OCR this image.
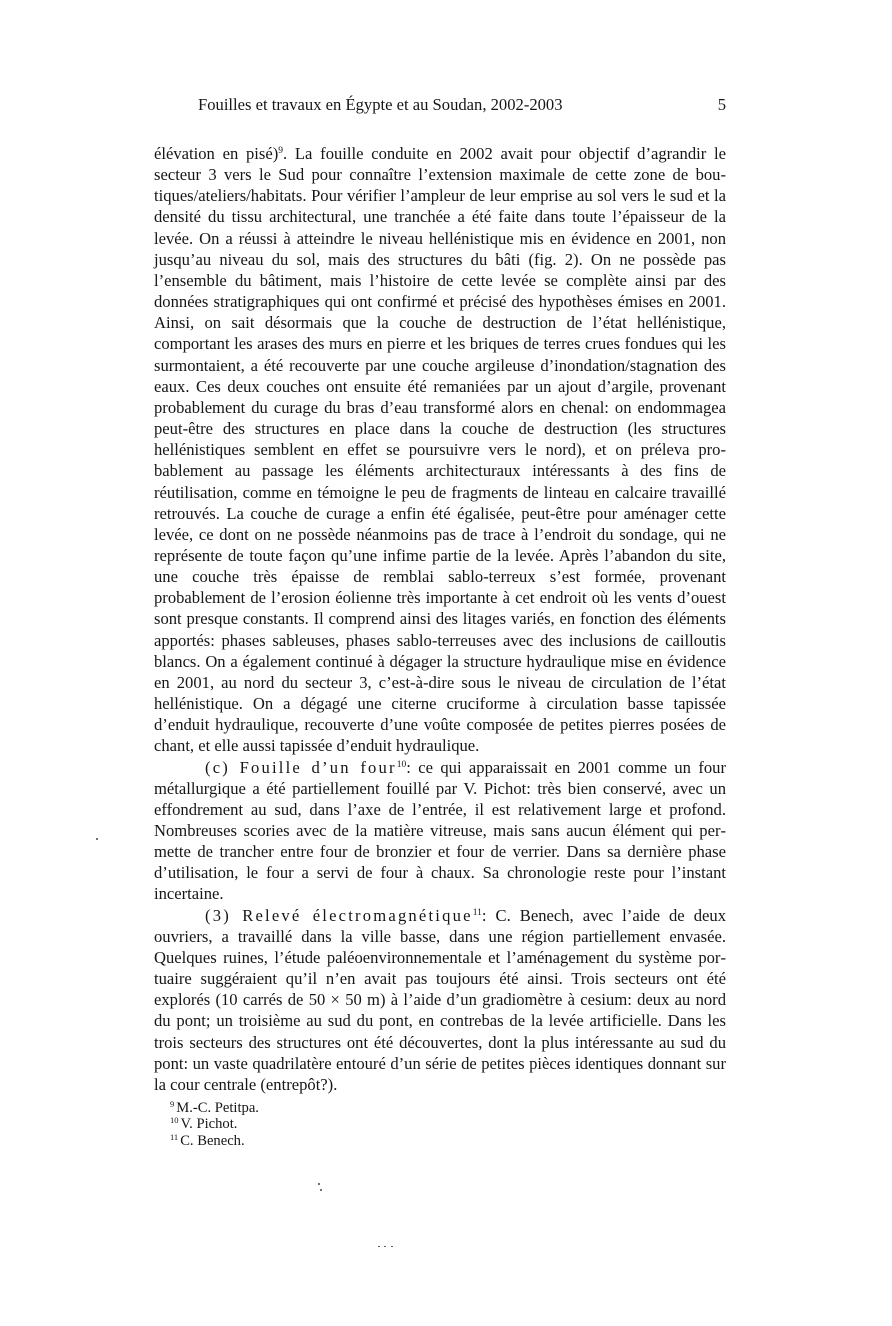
Fouilles et travaux en Égypte et au Soudan, 2002-2003	5

élévation en pisé)$^9$. La fouille conduite en 2002 avait pour objectif d’agrandir le secteur 3 vers le Sud pour connaître l’extension maximale de cette zone de boutiques/ateliers/habitats. Pour vérifier l’ampleur de leur emprise au sol vers le sud et la densité du tissu architectural, une tranchée a été faite dans toute l’épaisseur de la levée. On a réussi à atteindre le niveau hellénistique mis en évidence en 2001, non jusqu’au niveau du sol, mais des structures du bâti (fig. 2). On ne possède pas l’ensemble du bâtiment, mais l’histoire de cette levée se complète ainsi par des données stratigraphiques qui ont confirmé et précisé des hypothèses émises en 2001. Ainsi, on sait désormais que la couche de destruction de l’état hellénistique, comportant les arases des murs en pierre et les briques de terres crues fondues qui les surmontaient, a été recouverte par une couche argileuse d’inondation/stagnation des eaux. Ces deux couches ont ensuite été remaniées par un ajout d’argile, provenant probablement du curage du bras d’eau transformé alors en chenal: on endommagea peut-être des structures en place dans la couche de destruction (les structures hellénistiques semblent en effet se poursuivre vers le nord), et on préleva probablement au passage les éléments architecturaux intéressants à des fins de réutilisation, comme en témoigne le peu de fragments de linteau en calcaire travaillé retrouvés. La couche de curage a enfin été égalisée, peut-être pour aménager cette levée, ce dont on ne possède néanmoins pas de trace à l’endroit du sondage, qui ne représente de toute façon qu’une infime partie de la levée. Après l’abandon du site, une couche très épaisse de remblai sablo-terreux s’est formée, provenant probablement de l’erosion éolienne très importante à cet endroit où les vents d’ouest sont presque constants. Il comprend ainsi des litages variés, en fonction des éléments apportés: phases sableuses, phases sablo-terreuses avec des inclusions de cailloutis blancs. On a également continué à dégager la structure hydraulique mise en évidence en 2001, au nord du secteur 3, c’est-à-dire sous le niveau de circulation de l’état hellénistique. On a dégagé une citerne cruciforme à circulation basse tapissée d’enduit hydraulique, recouverte d’une voûte composée de petites pierres posées de chant, et elle aussi tapissée d’enduit hydraulique.

(c) Fouille d’un four$^{10}$: ce qui apparaissait en 2001 comme un four métallurgique a été partiellement fouillé par V. Pichot: très bien conservé, avec un effondrement au sud, dans l’axe de l’entrée, il est relativement large et profond. Nombreuses scories avec de la matière vitreuse, mais sans aucun élément qui permette de trancher entre four de bronzier et four de verrier. Dans sa dernière phase d’utilisation, le four a servi de four à chaux. Sa chronologie reste pour l’instant incertaine.

(3) Relevé électromagnétique$^{11}$: C. Benech, avec l’aide de deux ouvriers, a travaillé dans la ville basse, dans une région partiellement envasée. Quelques ruines, l’étude paléoenvironnementale et l’aménagement du système portuaire suggéraient qu’il n’en avait pas toujours été ainsi. Trois secteurs ont été explorés (10 carrés de 50 × 50 m) à l’aide d’un gradiomètre à cesium: deux au nord du pont; un troisième au sud du pont, en contrebas de la levée artificielle. Dans les trois secteurs des structures ont été découvertes, dont la plus intéressante au sud du pont: un vaste quadrilatère entouré d’un série de petites pièces identiques donnant sur la cour centrale (entrepôt?).

$^9$ M.-C. Petitpa.
$^{10}$ V. Pichot.
$^{11}$ C. Benech.
